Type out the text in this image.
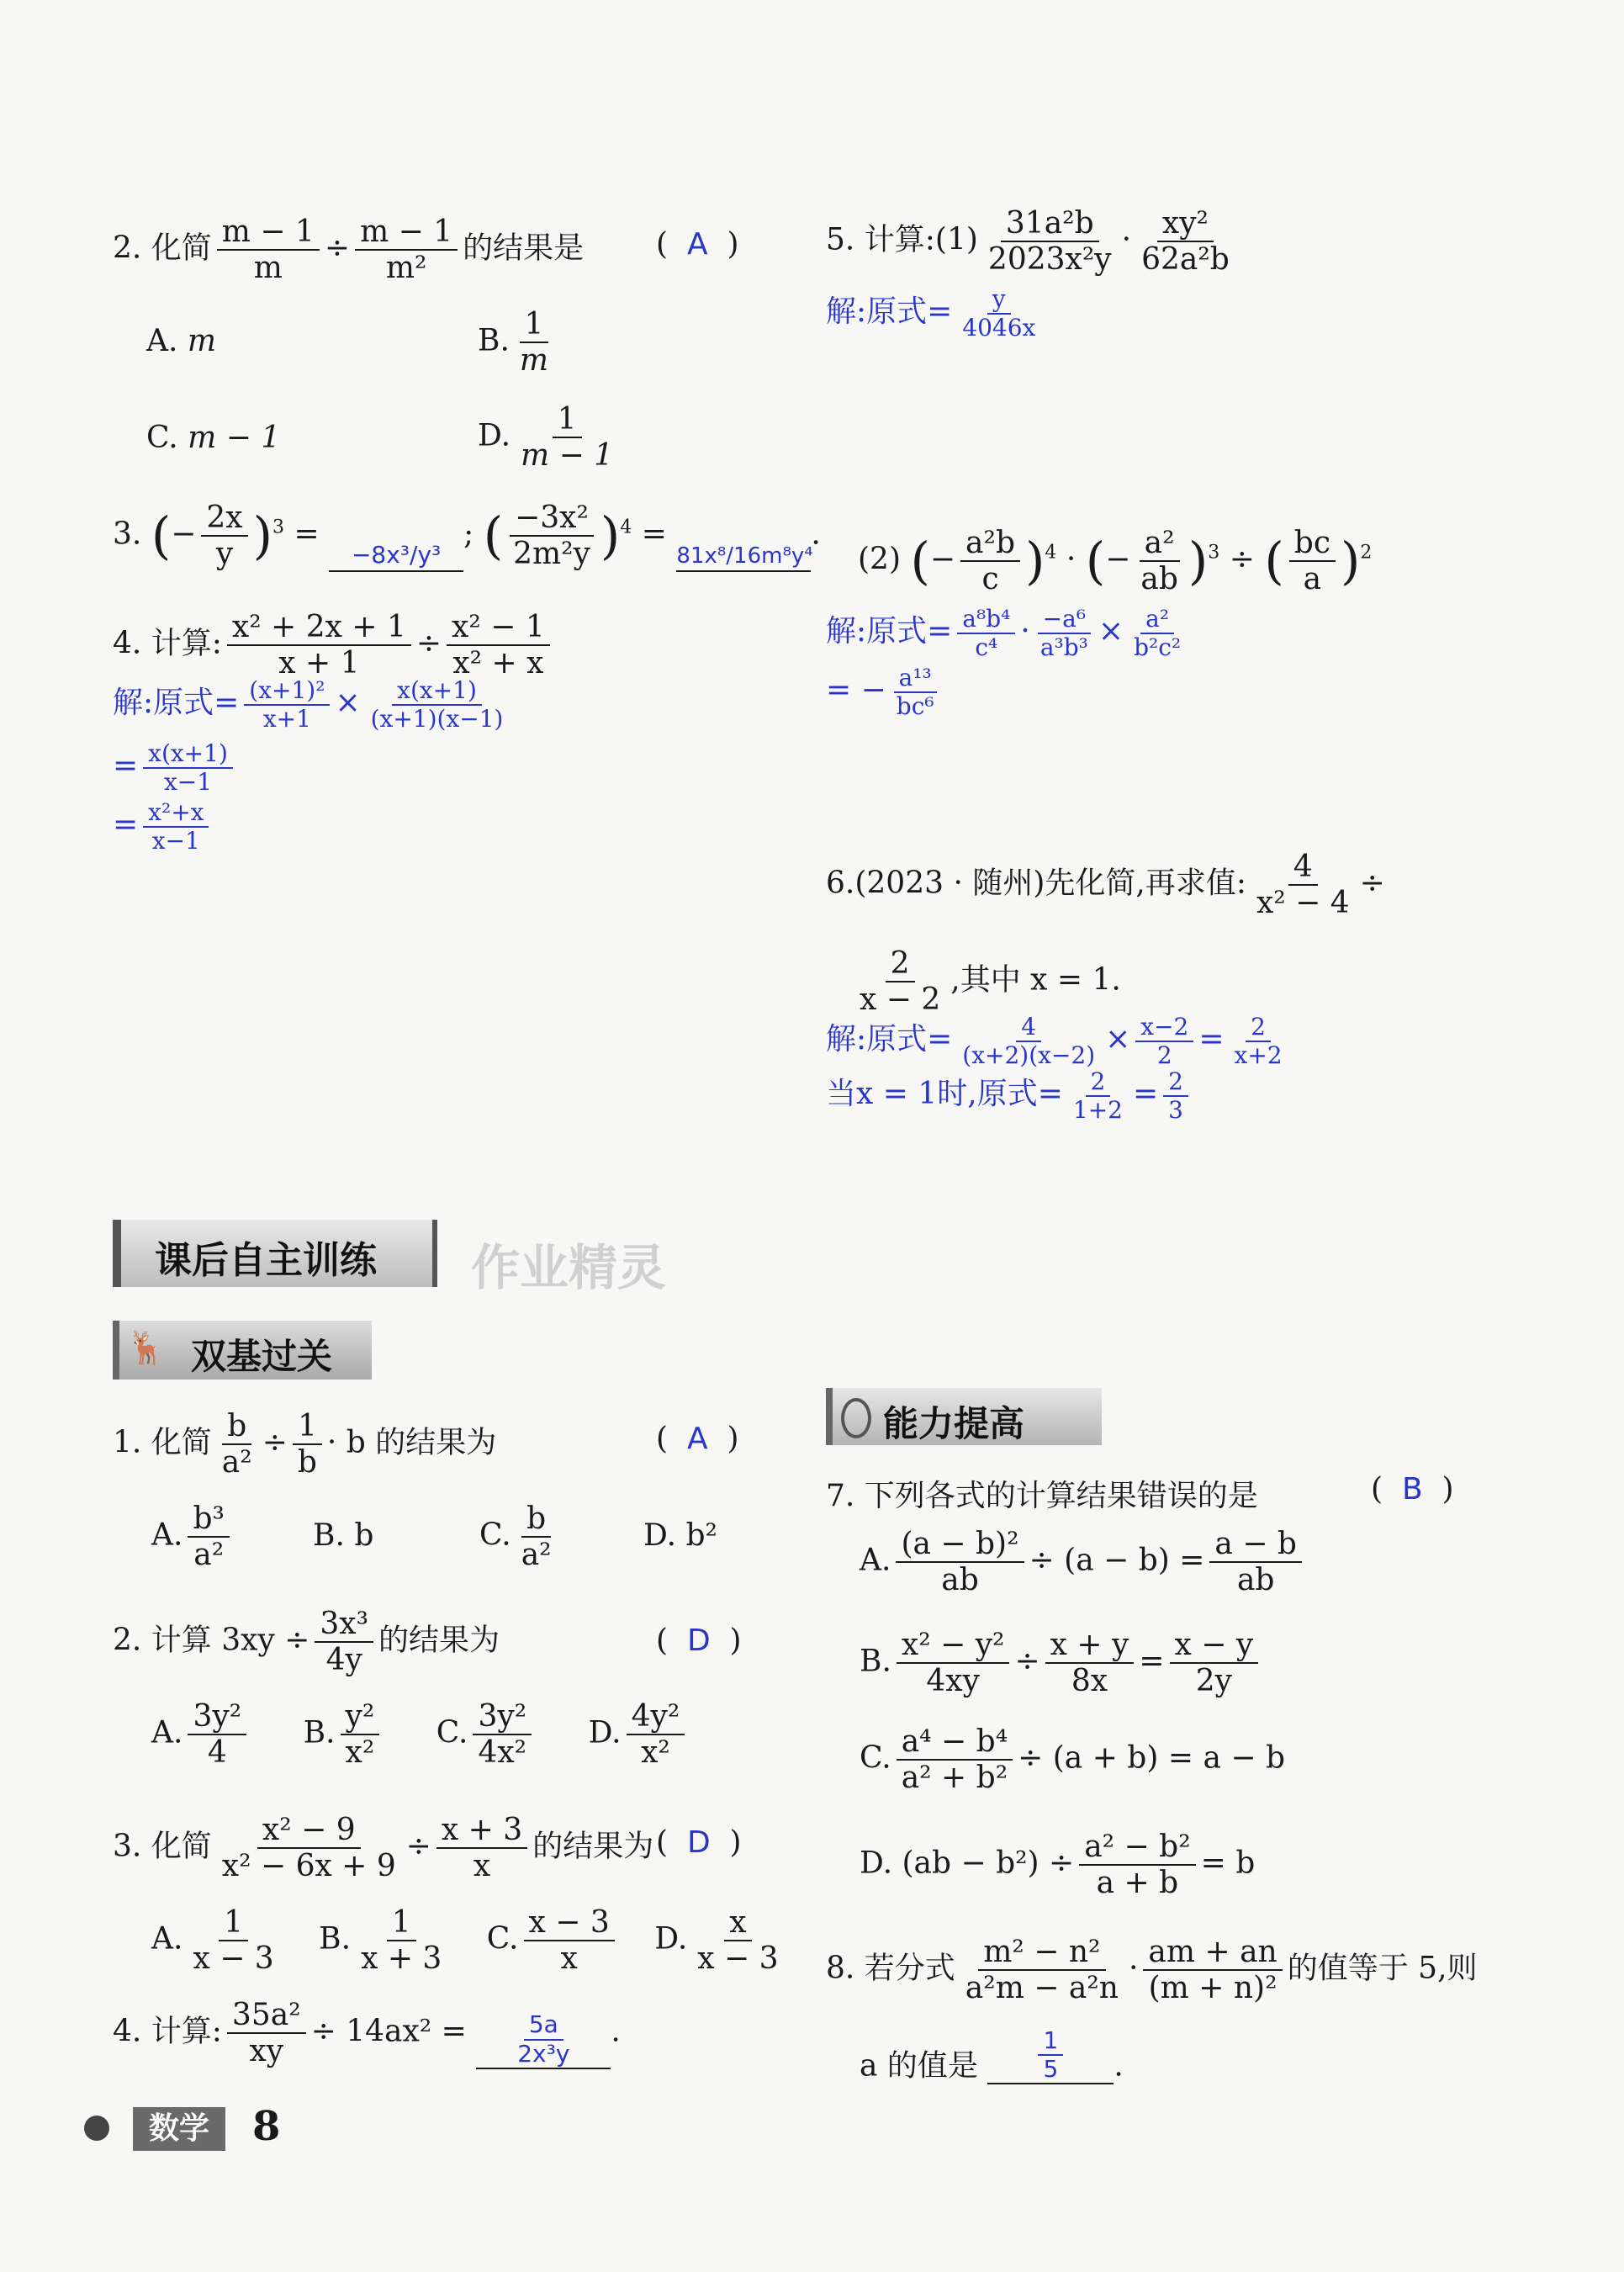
2. 化简 $\frac{m - 1}{m} \div \frac{m - 1}{\text{m²}}$ 的结果是 (  A  )
A. m	B. $\frac{1}{m}$
C. m − 1	D. $\frac{1}{m - 1}$
3. (− $\frac{2x}{y} )^3 = -8x^3/y^3$; ( $\frac{\text{−3x²}}{\text{2m²y}} )^4 = 81x^8/16m^8y^4$.
4. 计算: $\frac{\text{x² + 2x + 1}}{x + 1} \div \frac{\text{x² − 1}}{\text{x² + x}}$
解:原式= $\frac{\text{(x+1)²}}{x+1} \times \frac{x(x+1)}{(x+1)(x-1)}$
= $\frac{x(x+1)}{x-1}$
= $\frac{\text{x²+x}}{x-1}$
5. 计算:(1) $\frac{\text{31a²b}}{\text{2023x²y}} \cdot \frac{\text{xy²}}{\text{62a²b}}$
解:原式= $\frac{y}{4046x}$
(2) (− $\frac{\text{a²b}}{c} )^4$ · (− $\frac{\text{a²}}{ab} )^3$ ÷ ( $\frac{bc}{a} )^2$
解:原式= $\frac{\text{a⁸b⁴}}{\text{c⁴}} \cdot \frac{\text{−a⁶}}{\text{a³b³}} \times \frac{\text{a²}}{\text{b²c²}}$
= − $\frac{\text{a¹³}}{\text{bc⁶}}$
6.(2023 · 随州)先化简,再求值: $\frac{4}{\text{x² − 4}}$ ÷
$\frac{2}{x - 2}$ ,其中 x = 1.
解:原式= $\frac{4}{(x+2)(x-2)} \times \frac{x-2}{2} = \frac{2}{x+2}$
当x = 1时,原式= $\frac{2}{1+2} = \frac{2}{3}$
课后自主训练 作业精灵
🦌 双基过关
能力提高
1. 化简 $\frac{b}{\text{a²}} \div \frac{1}{b} \cdot b$ 的结果为	(  A  )
A. $\frac{\text{b³}}{\text{a²}}$	B. b	C. $\frac{b}{\text{a²}}$	D. b²
2. 计算 $3xy \div \frac{\text{3x³}}{4y}$ 的结果为	(  D  )
A. $\frac{\text{3y²}}{4} B$. $\frac{\text{y²}}{\text{x²}} C$. $\frac{\text{3y²}}{\text{4x²}} D$. $\frac{\text{4y²}}{\text{x²}}$
3. 化简 $\frac{\text{x² − 9}}{\text{x² − 6x + 9}} \div \frac{x + 3}{x}$ 的结果为 (  D  )
A. $\frac{1}{x - 3} B$. $\frac{1}{x + 3} C$. $\frac{x - 3}{x} D$. $\frac{x}{x - 3}$
4. 计算: $\frac{\text{35a²}}{xy} \div 14ax^2 = \frac{5a}{\text{2x³y}}$ .
7. 下列各式的计算结果错误的是	(  B  )
A. $\frac{\text{(a − b)²}}{ab} \div (a - b) = \frac{a - b}{ab}$
B. $\frac{\text{x² − y²}}{4xy} \div \frac{x + y}{8x} = \frac{x - y}{2y}$
C. $\frac{\text{a⁴ − b⁴}}{\text{a² + b²}} \div (a + b) = a - b$
D. $(ab - b^2) \div \frac{\text{a² − b²}}{a + b} = b$
8. 若分式 $\frac{\text{m² − n²}}{\text{a²m − a²n}} \cdot \frac{am + an}{\text{(m + n)²}}$ 的值等于 5,则
a 的值是	$\frac{1}{5}$ .
数学	8
